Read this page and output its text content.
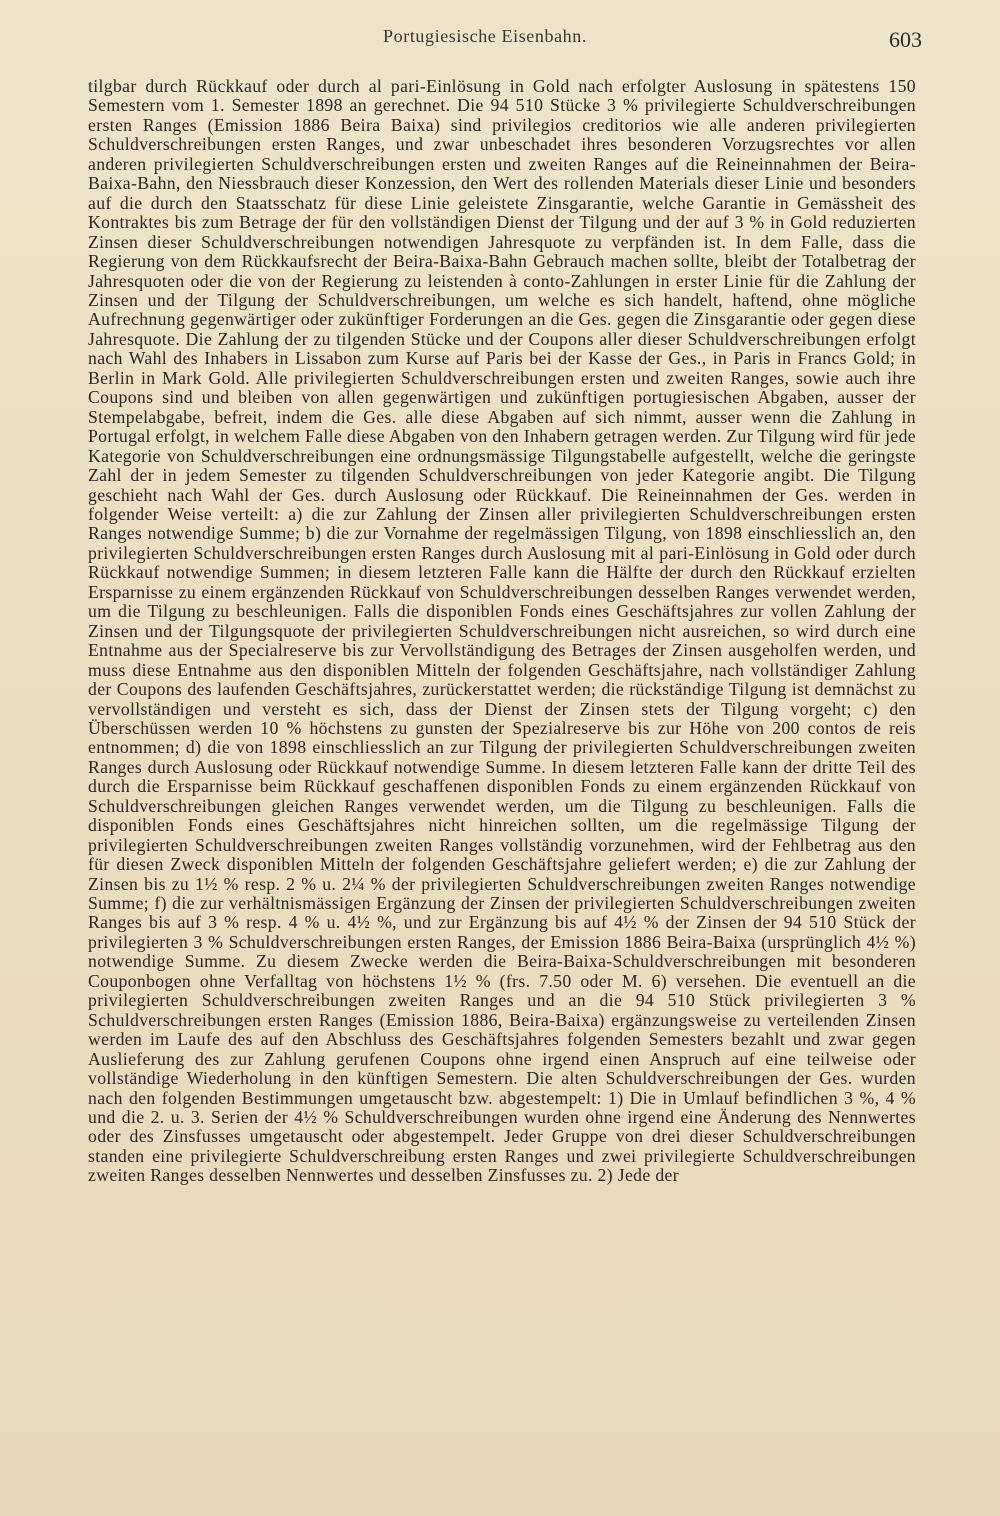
Portugiesische Eisenbahn.	603

tilgbar durch Rückkauf oder durch al pari-Einlösung in Gold nach erfolgter Auslosung in spätestens 150 Semestern vom 1. Semester 1898 an gerechnet. Die 94 510 Stücke 3 % privilegierte Schuldverschreibungen ersten Ranges (Emission 1886 Beira Baixa) sind privilegios creditorios wie alle anderen privilegierten Schuldverschreibungen ersten Ranges, und zwar unbeschadet ihres besonderen Vorzugsrechtes vor allen anderen privilegierten Schuldverschreibungen ersten und zweiten Ranges auf die Reineinnahmen der Beira-Baixa-Bahn, den Niessbrauch dieser Konzession, den Wert des rollenden Materials dieser Linie und besonders auf die durch den Staatsschatz für diese Linie geleistete Zinsgarantie, welche Garantie in Gemässheit des Kontraktes bis zum Betrage der für den vollständigen Dienst der Tilgung und der auf 3 % in Gold reduzierten Zinsen dieser Schuldverschreibungen notwendigen Jahresquote zu verpfänden ist. In dem Falle, dass die Regierung von dem Rückkaufsrecht der Beira-Baixa-Bahn Gebrauch machen sollte, bleibt der Totalbetrag der Jahresquoten oder die von der Regierung zu leistenden à conto-Zahlungen in erster Linie für die Zahlung der Zinsen und der Tilgung der Schuldverschreibungen, um welche es sich handelt, haftend, ohne mögliche Aufrechnung gegenwärtiger oder zukünftiger Forderungen an die Ges. gegen die Zinsgarantie oder gegen diese Jahresquote. Die Zahlung der zu tilgenden Stücke und der Coupons aller dieser Schuldverschreibungen erfolgt nach Wahl des Inhabers in Lissabon zum Kurse auf Paris bei der Kasse der Ges., in Paris in Francs Gold; in Berlin in Mark Gold. Alle privilegierten Schuldverschreibungen ersten und zweiten Ranges, sowie auch ihre Coupons sind und bleiben von allen gegenwärtigen und zukünftigen portugiesischen Abgaben, ausser der Stempelabgabe, befreit, indem die Ges. alle diese Abgaben auf sich nimmt, ausser wenn die Zahlung in Portugal erfolgt, in welchem Falle diese Abgaben von den Inhabern getragen werden. Zur Tilgung wird für jede Kategorie von Schuldverschreibungen eine ordnungsmässige Tilgungstabelle aufgestellt, welche die geringste Zahl der in jedem Semester zu tilgenden Schuldverschreibungen von jeder Kategorie angibt. Die Tilgung geschieht nach Wahl der Ges. durch Auslosung oder Rückkauf. Die Reineinnahmen der Ges. werden in folgender Weise verteilt: a) die zur Zahlung der Zinsen aller privilegierten Schuldverschreibungen ersten Ranges notwendige Summe; b) die zur Vornahme der regelmässigen Tilgung, von 1898 einschliesslich an, den privilegierten Schuldverschreibungen ersten Ranges durch Auslosung mit al pari-Einlösung in Gold oder durch Rückkauf notwendige Summen; in diesem letzteren Falle kann die Hälfte der durch den Rückkauf erzielten Ersparnisse zu einem ergänzenden Rückkauf von Schuldverschreibungen desselben Ranges verwendet werden, um die Tilgung zu beschleunigen. Falls die disponiblen Fonds eines Geschäftsjahres zur vollen Zahlung der Zinsen und der Tilgungsquote der privilegierten Schuldverschreibungen nicht ausreichen, so wird durch eine Entnahme aus der Specialreserve bis zur Vervollständigung des Betrages der Zinsen ausgeholfen werden, und muss diese Entnahme aus den disponiblen Mitteln der folgenden Geschäftsjahre, nach vollständiger Zahlung der Coupons des laufenden Geschäftsjahres, zurückerstattet werden; die rückständige Tilgung ist demnächst zu vervollständigen und versteht es sich, dass der Dienst der Zinsen stets der Tilgung vorgeht; c) den Überschüssen werden 10 % höchstens zu gunsten der Spezialreserve bis zur Höhe von 200 contos de reis entnommen; d) die von 1898 einschliesslich an zur Tilgung der privilegierten Schuldverschreibungen zweiten Ranges durch Auslosung oder Rückkauf notwendige Summe. In diesem letzteren Falle kann der dritte Teil des durch die Ersparnisse beim Rückkauf geschaffenen disponiblen Fonds zu einem ergänzenden Rückkauf von Schuldverschreibungen gleichen Ranges verwendet werden, um die Tilgung zu beschleunigen. Falls die disponiblen Fonds eines Geschäftsjahres nicht hinreichen sollten, um die regelmässige Tilgung der privilegierten Schuldverschreibungen zweiten Ranges vollständig vorzunehmen, wird der Fehlbetrag aus den für diesen Zweck disponiblen Mitteln der folgenden Geschäftsjahre geliefert werden; e) die zur Zahlung der Zinsen bis zu 1½ % resp. 2 % u. 2¼ % der privilegierten Schuldverschreibungen zweiten Ranges notwendige Summe; f) die zur verhältnismässigen Ergänzung der Zinsen der privilegierten Schuldverschreibungen zweiten Ranges bis auf 3 % resp. 4 % u. 4½ %, und zur Ergänzung bis auf 4½ % der Zinsen der 94 510 Stück der privilegierten 3 % Schuldverschreibungen ersten Ranges, der Emission 1886 Beira-Baixa (ursprünglich 4½ %) notwendige Summe. Zu diesem Zwecke werden die Beira-Baixa-Schuldverschreibungen mit besonderen Couponbogen ohne Verfalltag von höchstens 1½ % (frs. 7.50 oder M. 6) versehen. Die eventuell an die privilegierten Schuldverschreibungen zweiten Ranges und an die 94 510 Stück privilegierten 3 % Schuldverschreibungen ersten Ranges (Emission 1886, Beira-Baixa) ergänzungsweise zu verteilenden Zinsen werden im Laufe des auf den Abschluss des Geschäftsjahres folgenden Semesters bezahlt und zwar gegen Auslieferung des zur Zahlung gerufenen Coupons ohne irgend einen Anspruch auf eine teilweise oder vollständige Wiederholung in den künftigen Semestern. Die alten Schuldverschreibungen der Ges. wurden nach den folgenden Bestimmungen umgetauscht bzw. abgestempelt: 1) Die in Umlauf befindlichen 3 %, 4 % und die 2. u. 3. Serien der 4½ % Schuldverschreibungen wurden ohne irgend eine Änderung des Nennwertes oder des Zinsfusses umgetauscht oder abgestempelt. Jeder Gruppe von drei dieser Schuldverschreibungen standen eine privilegierte Schuldverschreibung ersten Ranges und zwei privilegierte Schuldverschreibungen zweiten Ranges desselben Nennwertes und desselben Zinsfusses zu. 2) Jede der
